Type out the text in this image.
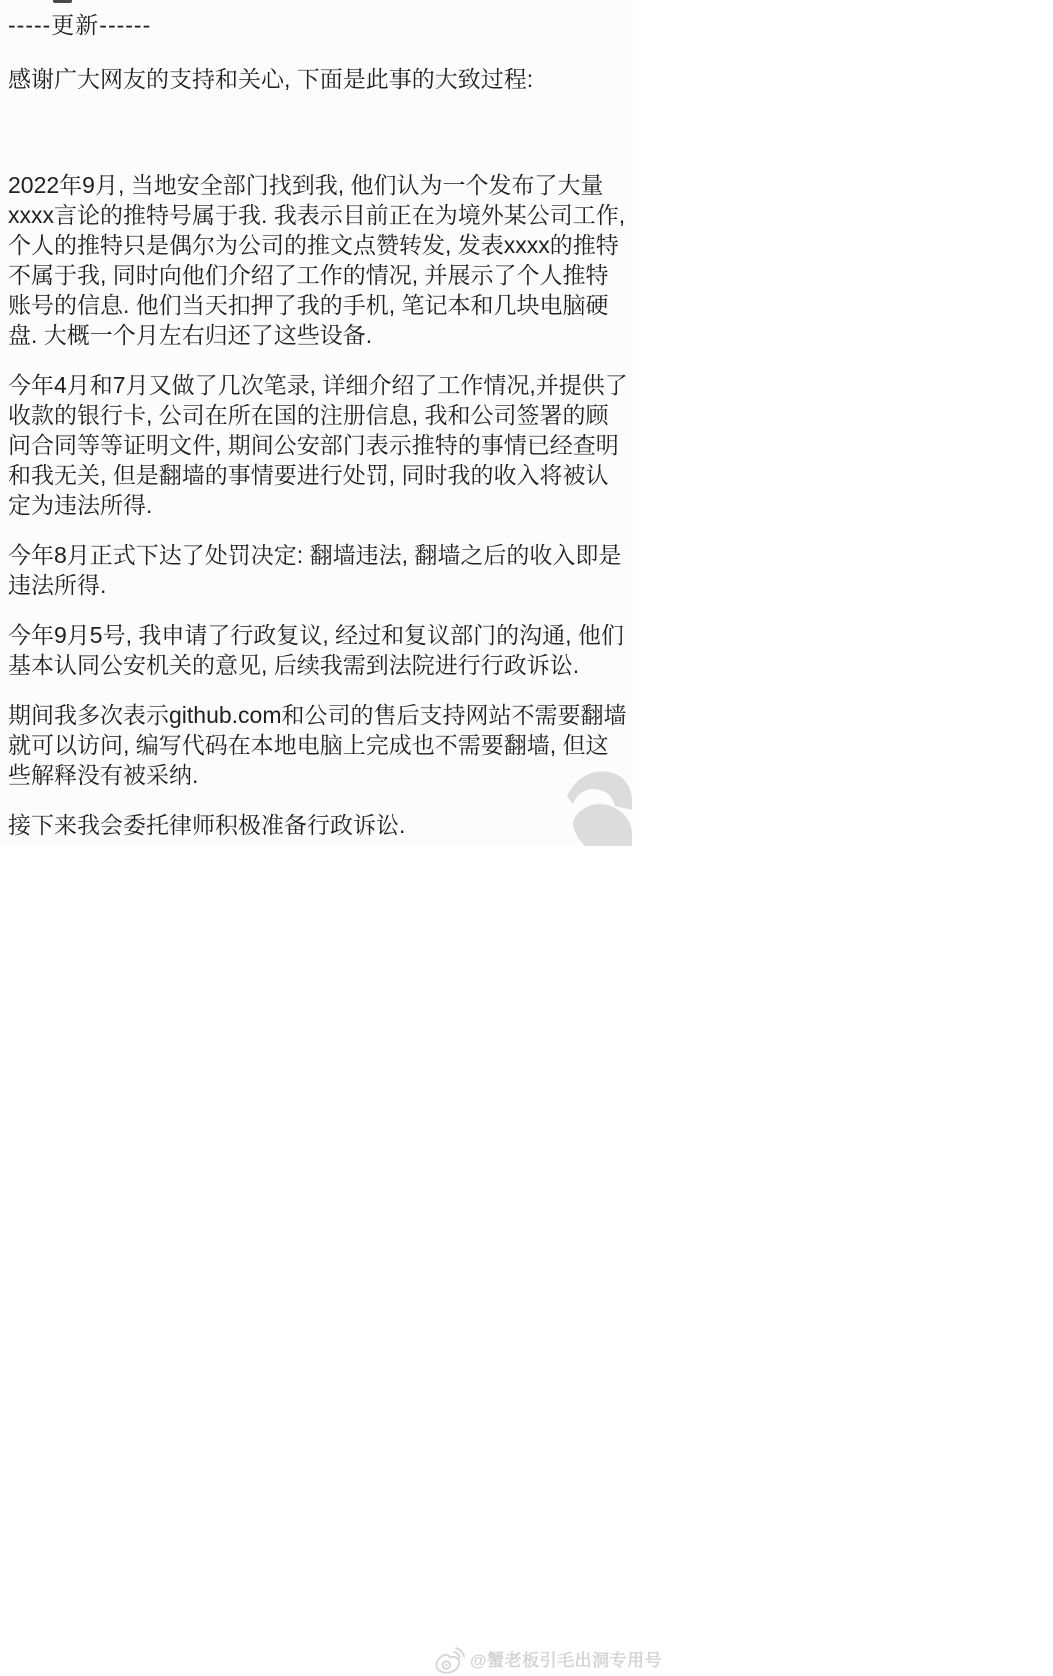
-----更新------

感谢广大网友的支持和关心, 下面是此事的大致过程:

2022年9月, 当地安全部门找到我, 他们认为一个发布了大量xxxx言论的推特号属于我. 我表示目前正在为境外某公司工作, 个人的推特只是偶尔为公司的推文点赞转发, 发表xxxx的推特不属于我, 同时向他们介绍了工作的情况, 并展示了个人推特账号的信息. 他们当天扣押了我的手机, 笔记本和几块电脑硬盘. 大概一个月左右归还了这些设备.

今年4月和7月又做了几次笔录, 详细介绍了工作情况,并提供了收款的银行卡, 公司在所在国的注册信息, 我和公司签署的顾问合同等等证明文件, 期间公安部门表示推特的事情已经查明和我无关, 但是翻墙的事情要进行处罚, 同时我的收入将被认定为违法所得.

今年8月正式下达了处罚决定: 翻墙违法, 翻墙之后的收入即是违法所得.

今年9月5号, 我申请了行政复议, 经过和复议部门的沟通, 他们基本认同公安机关的意见, 后续我需到法院进行行政诉讼.

期间我多次表示github.com和公司的售后支持网站不需要翻墙就可以访问, 编写代码在本地电脑上完成也不需要翻墙, 但这些解释没有被采纳.

接下来我会委托律师积极准备行政诉讼.

@蟹老板引毛出洞专用号
